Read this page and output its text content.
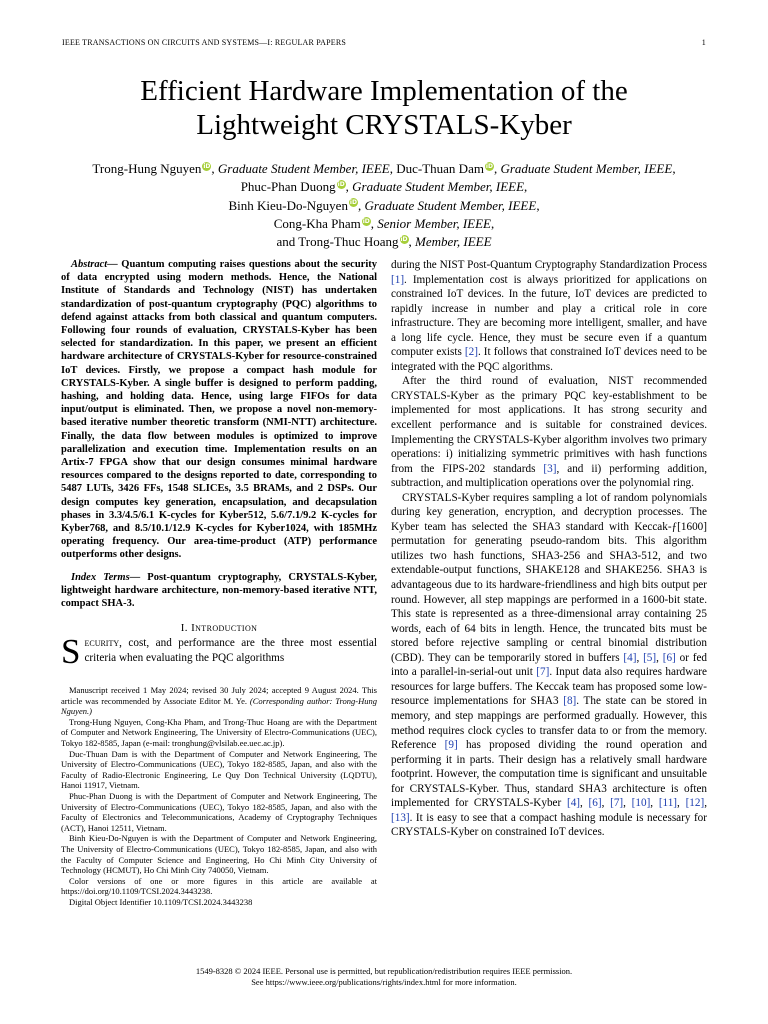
IEEE TRANSACTIONS ON CIRCUITS AND SYSTEMS—I: REGULAR PAPERS	1
Efficient Hardware Implementation of the
Lightweight CRYSTALS-Kyber
Trong-Hung Nguyen iD, Graduate Student Member, IEEE, Duc-Thuan Dam iD, Graduate Student Member, IEEE,
Phuc-Phan Duong iD, Graduate Student Member, IEEE,
Binh Kieu-Do-Nguyen iD, Graduate Student Member, IEEE,
Cong-Kha Pham iD, Senior Member, IEEE,
and Trong-Thuc Hoang iD, Member, IEEE

Abstract— Quantum computing raises questions about the security of data encrypted using modern methods. Hence, the National Institute of Standards and Technology (NIST) has undertaken standardization of post-quantum cryptography (PQC) algorithms to defend against attacks from both classical and quantum computers. Following four rounds of evaluation, CRYSTALS-Kyber has been selected for standardization. In this paper, we present an efficient hardware architecture of CRYSTALS-Kyber for resource-constrained IoT devices. Firstly, we propose a compact hash module for CRYSTALS-Kyber. A single buffer is designed to perform padding, hashing, and holding data. Hence, using large FIFOs for data input/output is eliminated. Then, we propose a novel non-memory-based iterative number theoretic transform (NMI-NTT) architecture. Finally, the data flow between modules is optimized to improve parallelization and execution time. Implementation results on an Artix-7 FPGA show that our design consumes minimal hardware resources compared to the designs reported to date, corresponding to 5487 LUTs, 3426 FFs, 1548 SLICEs, 3.5 BRAMs, and 2 DSPs. Our design computes key generation, encapsulation, and decapsulation phases in 3.3/4.5/6.1 K-cycles for Kyber512, 5.6/7.1/9.2 K-cycles for Kyber768, and 8.5/10.1/12.9 K-cycles for Kyber1024, with 185MHz operating frequency. Our area-time-product (ATP) performance outperforms other designs.

Index Terms— Post-quantum cryptography, CRYSTALS-Kyber, lightweight hardware architecture, non-memory-based iterative NTT, compact SHA-3.

I. Introduction

Security, cost, and performance are the three most essential criteria when evaluating the PQC algorithms

Manuscript received 1 May 2024; revised 30 July 2024; accepted 9 August 2024. This article was recommended by Associate Editor M. Ye. (Corresponding author: Trong-Hung Nguyen.)

Trong-Hung Nguyen, Cong-Kha Pham, and Trong-Thuc Hoang are with the Department of Computer and Network Engineering, The University of Electro-Communications (UEC), Tokyo 182-8585, Japan (e-mail: tronghung@vlsilab.ee.uec.ac.jp).

Duc-Thuan Dam is with the Department of Computer and Network Engineering, The University of Electro-Communications (UEC), Tokyo 182-8585, Japan, and also with the Faculty of Radio-Electronic Engineering, Le Quy Don Technical University (LQDTU), Hanoi 11917, Vietnam.

Phuc-Phan Duong is with the Department of Computer and Network Engineering, The University of Electro-Communications (UEC), Tokyo 182-8585, Japan, and also with the Faculty of Electronics and Telecommunications, Academy of Cryptography Techniques (ACT), Hanoi 12511, Vietnam.

Binh Kieu-Do-Nguyen is with the Department of Computer and Network Engineering, The University of Electro-Communications (UEC), Tokyo 182-8585, Japan, and also with the Faculty of Computer Science and Engineering, Ho Chi Minh City University of Technology (HCMUT), Ho Chi Minh City 740050, Vietnam.

Color versions of one or more figures in this article are available at https://doi.org/10.1109/TCSI.2024.3443238.

Digital Object Identifier 10.1109/TCSI.2024.3443238

during the NIST Post-Quantum Cryptography Standardization Process [1]. Implementation cost is always prioritized for applications on constrained IoT devices. In the future, IoT devices are predicted to rapidly increase in number and play a critical role in core infrastructure. They are becoming more intelligent, smaller, and have a long life cycle. Hence, they must be secure even if a quantum computer exists [2]. It follows that constrained IoT devices need to be integrated with the PQC algorithms.

After the third round of evaluation, NIST recommended CRYSTALS-Kyber as the primary PQC key-establishment to be implemented for most applications. It has strong security and excellent performance and is suitable for constrained devices. Implementing the CRYSTALS-Kyber algorithm involves two primary operations: i) initializing symmetric primitives with hash functions from the FIPS-202 standards [3], and ii) performing addition, subtraction, and multiplication operations over the polynomial ring.

CRYSTALS-Kyber requires sampling a lot of random polynomials during key generation, encryption, and decryption processes. The Kyber team has selected the SHA3 standard with Keccak-ƒ[1600] permutation for generating pseudo-random bits. This algorithm utilizes two hash functions, SHA3-256 and SHA3-512, and two extendable-output functions, SHAKE128 and SHAKE256. SHA3 is advantageous due to its hardware-friendliness and high bits output per round. However, all step mappings are performed in a 1600-bit state. This state is represented as a three-dimensional array containing 25 words, each of 64 bits in length. Hence, the truncated bits must be stored before rejective sampling or central binomial distribution (CBD). They can be temporarily stored in buffers [4], [5], [6] or fed into a parallel-in-serial-out unit [7]. Input data also requires hardware resources for large buffers. The Keccak team has proposed some low-resource implementations for SHA3 [8]. The state can be stored in memory, and step mappings are performed gradually. However, this method requires clock cycles to transfer data to or from the memory. Reference [9] has proposed dividing the round operation and performing it in parts. Their design has a relatively small hardware footprint. However, the computation time is significant and unsuitable for CRYSTALS-Kyber. Thus, standard SHA3 architecture is often implemented for CRYSTALS-Kyber [4], [6], [7], [10], [11], [12], [13]. It is easy to see that a compact hashing module is necessary for CRYSTALS-Kyber on constrained IoT devices.

1549-8328 © 2024 IEEE. Personal use is permitted, but republication/redistribution requires IEEE permission.
See https://www.ieee.org/publications/rights/index.html for more information.
